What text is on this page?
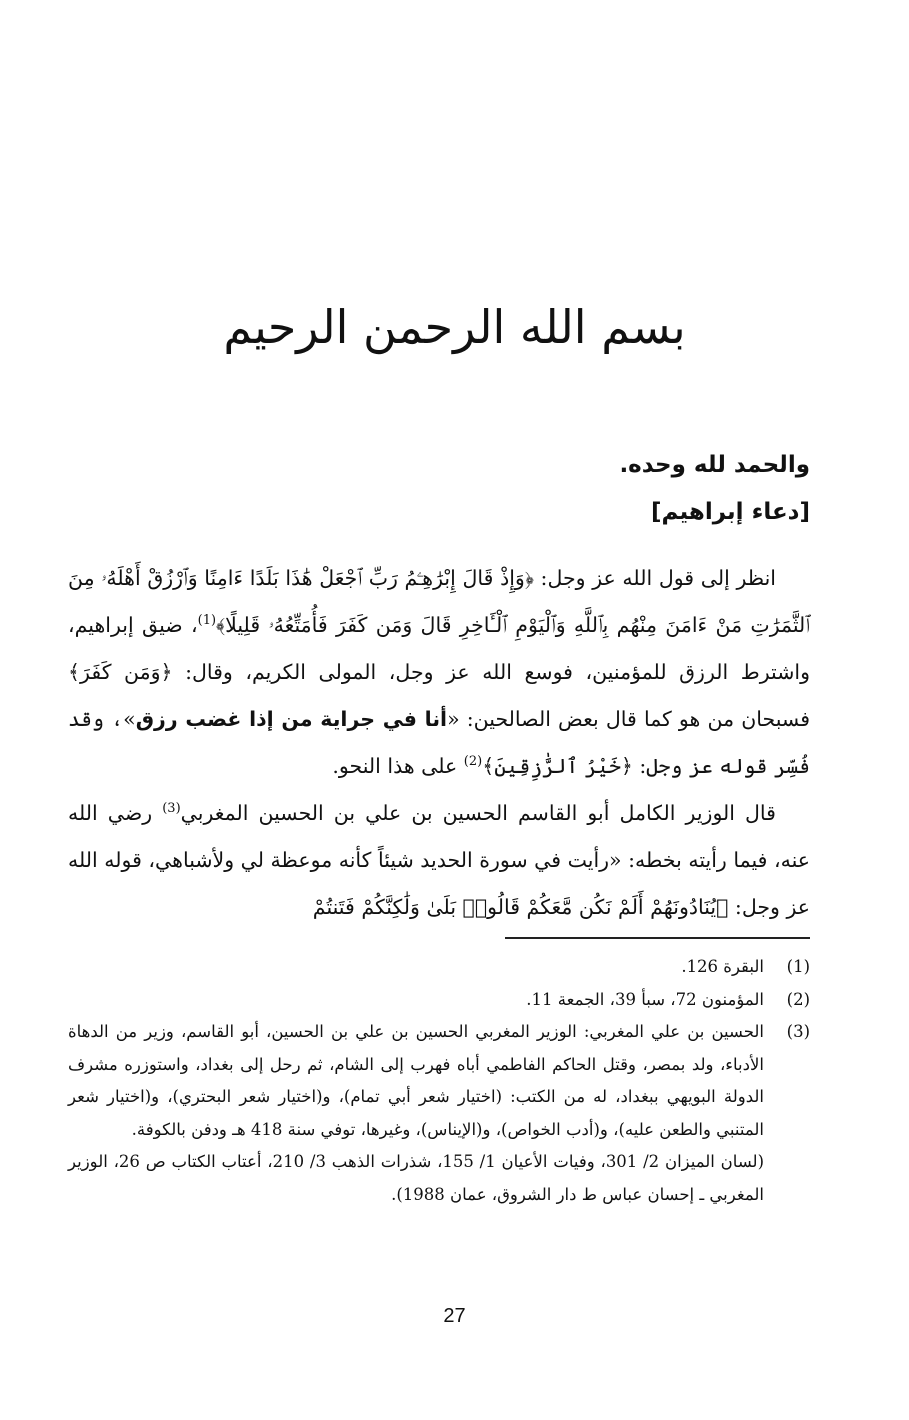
بسم الله الرحمن الرحيم
والحمد لله وحده.
[دعاء إبراهيم]

انظر إلى قول الله عز وجل: ﴿وَإِذْ قَالَ إِبْرَٰهِـۧمُ رَبِّ ٱجْعَلْ هَٰذَا بَلَدًا ءَامِنًا وَٱرْزُقْ أَهْلَهُۥ مِنَ ٱلثَّمَرَٰتِ مَنْ ءَامَنَ مِنْهُم بِٱللَّهِ وَٱلْيَوْمِ ٱلْـَٔاخِرِ قَالَ وَمَن كَفَرَ فَأُمَتِّعُهُۥ قَلِيلًا﴾$^{(1)}$، ضيق إبراهيم، واشترط الرزق للمؤمنين، فوسع الله عز وجل، المولى الكريم، وقال: ﴿وَمَن كَفَرَ﴾ فسبحان من هو كما قال بعض الصالحين: «أنا في جراية من إذا غضب رزق»، وقد فُسِّر قوله عز وجل: ﴿خَيْرُ ٱلرَّٰزِقِينَ﴾$^{(2)}$ على هذا النحو.

قال الوزير الكامل أبو القاسم الحسين بن علي بن الحسين المغربي$^{(3)}$ رضي الله عنه، فيما رأيته بخطه: «رأيت في سورة الحديد شيئاً كأنه موعظة لي ولأشباهي، قوله الله عز وجل: ﴿يُنَادُونَهُمْ أَلَمْ نَكُن مَّعَكُمْ قَالُوا۟ بَلَىٰ وَلَٰكِنَّكُمْ فَتَنتُمْ

(1)
البقرة 126.
(2)
المؤمنون 72، سبأ 39، الجمعة 11.
(3)
الحسين بن علي المغربي: الوزير المغربي الحسين بن علي بن الحسين، أبو القاسم، وزير من الدهاة الأدباء، ولد بمصر، وقتل الحاكم الفاطمي أباه فهرب إلى الشام، ثم رحل إلى بغداد، واستوزره مشرف الدولة البويهي ببغداد، له من الكتب: (اختيار شعر أبي تمام)، و(اختيار شعر البحتري)، و(اختيار شعر المتنبي والطعن عليه)، و(أدب الخواص)، و(الإيناس)، وغيرها، توفي سنة 418 هـ ودفن بالكوفة.
(لسان الميزان 2/ 301، وفيات الأعيان 1/ 155، شذرات الذهب 3/ 210، أعتاب الكتاب ص 26، الوزير المغربي ـ إحسان عباس ط دار الشروق، عمان 1988).
27
